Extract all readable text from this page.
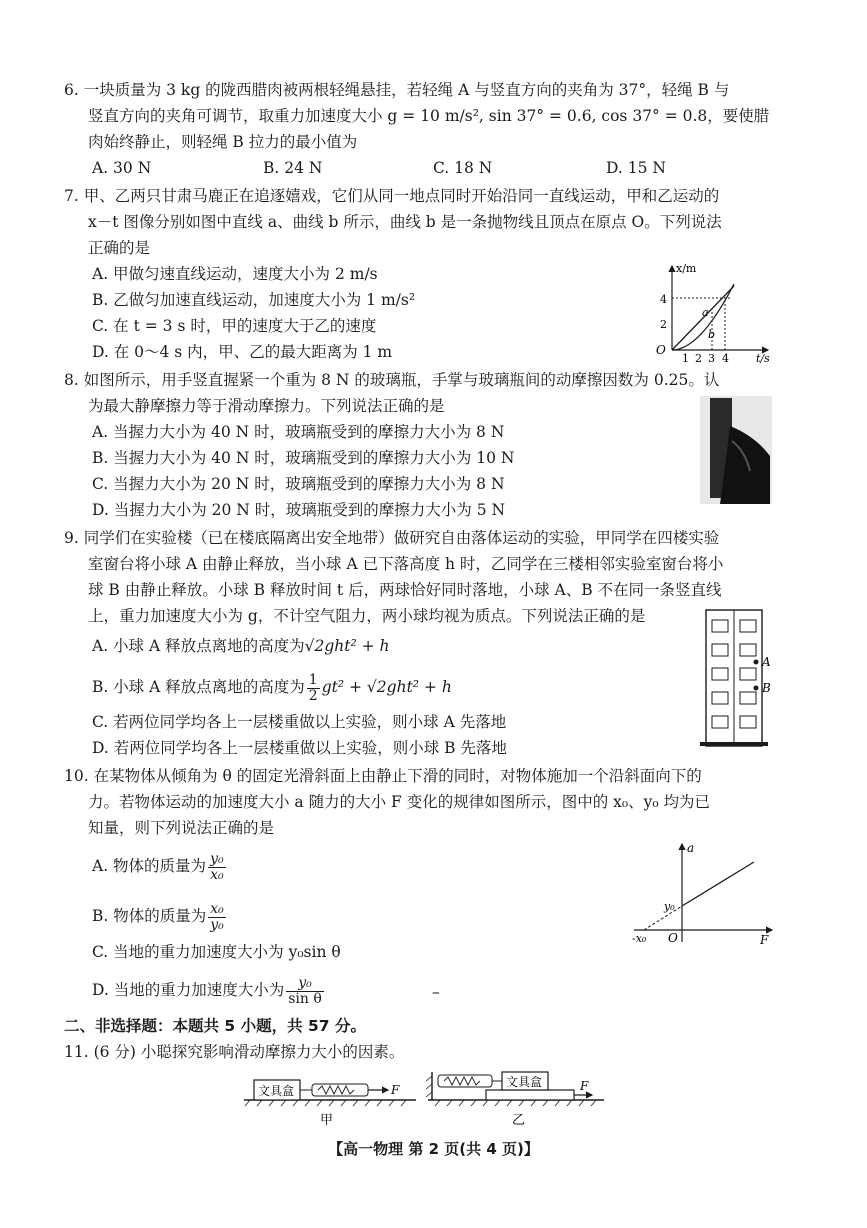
6. 一块质量为 3 kg 的陇西腊肉被两根轻绳悬挂，若轻绳 A 与竖直方向的夹角为 37°，轻绳 B 与
竖直方向的夹角可调节，取重力加速度大小 g = 10 m/s², sin 37° = 0.6, cos 37° = 0.8，要使腊
肉始终静止，则轻绳 B 拉力的最小值为
A. 30 N	B. 24 N	C. 18 N	D. 15 N
7. 甲、乙两只甘肃马鹿正在追逐嬉戏，它们从同一地点同时开始沿同一直线运动，甲和乙运动的
x－t 图像分别如图中直线 a、曲线 b 所示，曲线 b 是一条抛物线且顶点在原点 O。下列说法
正确的是
A. 甲做匀速直线运动，速度大小为 2 m/s
B. 乙做匀加速直线运动，加速度大小为 1 m/s²
C. 在 t = 3 s 时，甲的速度大于乙的速度
D. 在 0～4 s 内，甲、乙的最大距离为 1 m
x/m
t/s
O
2
4
1 2 3 4
a
b
8. 如图所示，用手竖直握紧一个重为 8 N 的玻璃瓶，手掌与玻璃瓶间的动摩擦因数为 0.25。认
为最大静摩擦力等于滑动摩擦力。下列说法正确的是
A. 当握力大小为 40 N 时，玻璃瓶受到的摩擦力大小为 8 N
B. 当握力大小为 40 N 时，玻璃瓶受到的摩擦力大小为 10 N
C. 当握力大小为 20 N 时，玻璃瓶受到的摩擦力大小为 8 N
D. 当握力大小为 20 N 时，玻璃瓶受到的摩擦力大小为 5 N
9. 同学们在实验楼（已在楼底隔离出安全地带）做研究自由落体运动的实验，甲同学在四楼实验
室窗台将小球 A 由静止释放，当小球 A 已下落高度 h 时，乙同学在三楼相邻实验室窗台将小
球 B 由静止释放。小球 B 释放时间 t 后，两球恰好同时落地，小球 A、B 不在同一条竖直线
上，重力加速度大小为 g，不计空气阻力，两小球均视为质点。下列说法正确的是
A. 小球 A 释放点离地的高度为√2ght² + h
B. 小球 A 释放点离地的高度为 $\frac{1}{2} gt^2 + √2ght^2 + h$
C. 若两位同学均各上一层楼重做以上实验，则小球 A 先落地
D. 若两位同学均各上一层楼重做以上实验，则小球 B 先落地
A
B
10. 在某物体从倾角为 θ 的固定光滑斜面上由静止下滑的同时，对物体施加一个沿斜面向下的
力。若物体运动的加速度大小 a 随力的大小 F 变化的规律如图所示，图中的 x₀、y₀ 均为已
知量，则下列说法正确的是
A. 物体的质量为 $\frac{\text{y₀}}{\text{x₀}}$
B. 物体的质量为 $\frac{\text{x₀}}{\text{y₀}}$
C. 当地的重力加速度大小为 y₀sin θ
D. 当地的重力加速度大小为 $\frac{\text{y₀}}{\text{sin θ}}$
a
F
O
y₀
-x₀
–
二、非选择题：本题共 5 小题，共 57 分。
11. (6 分) 小聪探究影响滑动摩擦力大小的因素。
文具盒	F
甲
文具盒	F
乙
【高一物理 第 2 页(共 4 页)】
